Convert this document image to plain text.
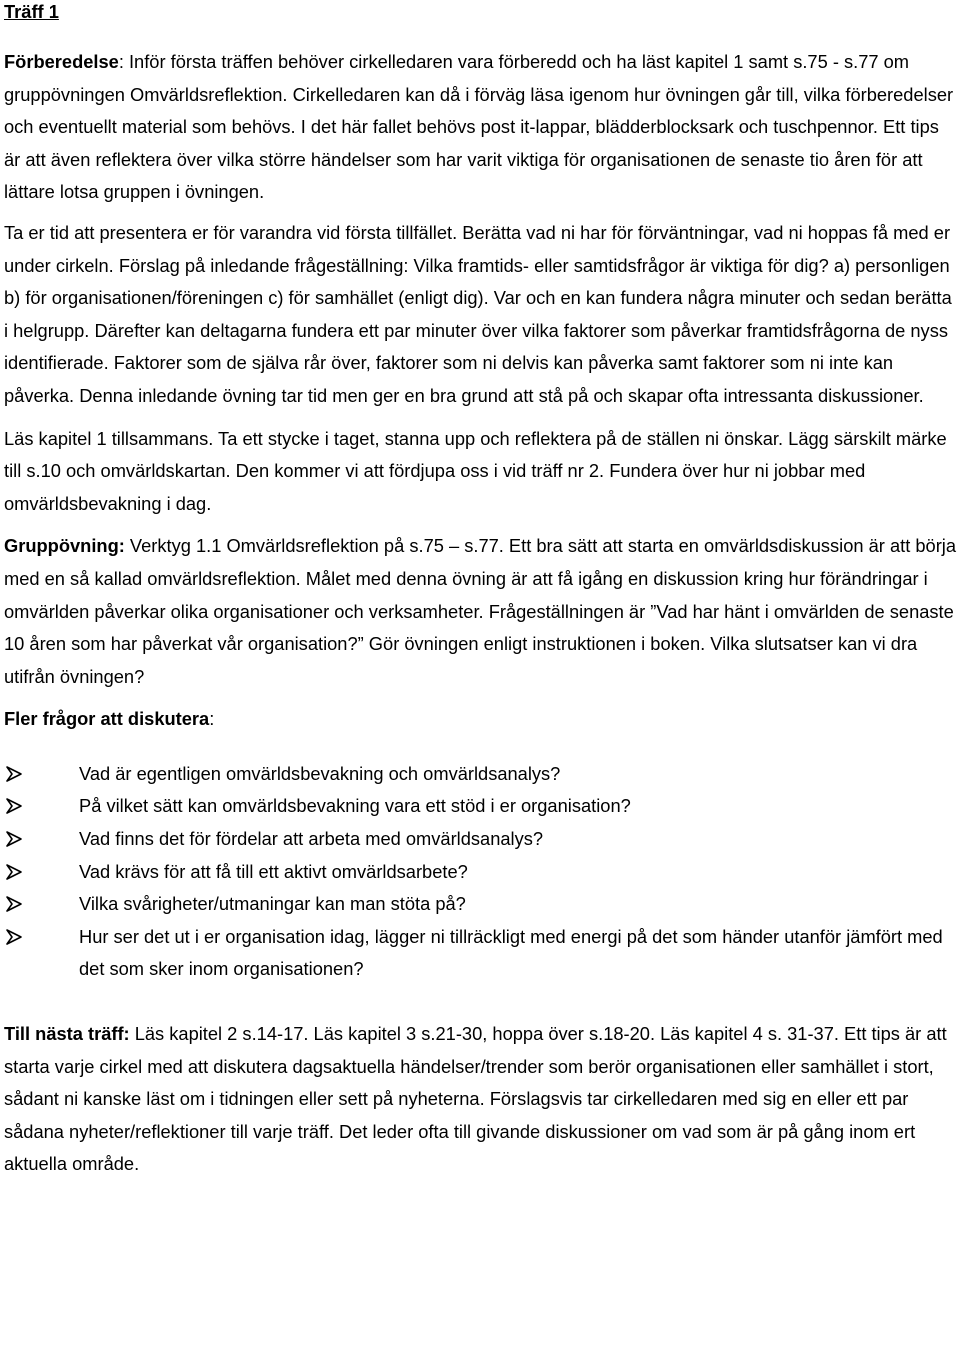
Träff 1

Förberedelse: Inför första träffen behöver cirkelledaren vara förberedd och ha läst kapitel 1 samt s.75 - s.77 om gruppövningen Omvärldsreflektion. Cirkelledaren kan då i förväg läsa igenom hur övningen går till, vilka förberedelser och eventuellt material som behövs. I det här fallet behövs post it-lappar, blädderblocksark och tuschpennor. Ett tips är att även reflektera över vilka större händelser som har varit viktiga för organisationen de senaste tio åren för att lättare lotsa gruppen i övningen.

Ta er tid att presentera er för varandra vid första tillfället. Berätta vad ni har för förväntningar, vad ni hoppas få med er under cirkeln. Förslag på inledande frågeställning: Vilka framtids- eller samtidsfrågor är viktiga för dig? a) personligen b) för organisationen/föreningen c) för samhället (enligt dig). Var och en kan fundera några minuter och sedan berätta i helgrupp. Därefter kan deltagarna fundera ett par minuter över vilka faktorer som påverkar framtidsfrågorna de nyss identifierade. Faktorer som de själva rår över, faktorer som ni delvis kan påverka samt faktorer som ni inte kan påverka. Denna inledande övning tar tid men ger en bra grund att stå på och skapar ofta intressanta diskussioner.

Läs kapitel 1 tillsammans. Ta ett stycke i taget, stanna upp och reflektera på de ställen ni önskar. Lägg särskilt märke till s.10 och omvärldskartan. Den kommer vi att fördjupa oss i vid träff nr 2. Fundera över hur ni jobbar med omvärldsbevakning i dag.

Gruppövning: Verktyg 1.1 Omvärldsreflektion på s.75 – s.77. Ett bra sätt att starta en omvärldsdiskussion är att börja med en så kallad omvärldsreflektion. Målet med denna övning är att få igång en diskussion kring hur förändringar i omvärlden påverkar olika organisationer och verksamheter. Frågeställningen är ”Vad har hänt i omvärlden de senaste 10 åren som har påverkat vår organisation?” Gör övningen enligt instruktionen i boken. Vilka slutsatser kan vi dra utifrån övningen?

Fler frågor att diskutera:

Vad är egentligen omvärldsbevakning och omvärldsanalys?
På vilket sätt kan omvärldsbevakning vara ett stöd i er organisation?
Vad finns det för fördelar att arbeta med omvärldsanalys?
Vad krävs för att få till ett aktivt omvärldsarbete?
Vilka svårigheter/utmaningar kan man stöta på?
Hur ser det ut i er organisation idag, lägger ni tillräckligt med energi på det som händer utanför jämfört med det som sker inom organisationen?

Till nästa träff: Läs kapitel 2 s.14-17. Läs kapitel 3 s.21-30, hoppa över s.18-20. Läs kapitel 4 s. 31-37. Ett tips är att starta varje cirkel med att diskutera dagsaktuella händelser/trender som berör organisationen eller samhället i stort, sådant ni kanske läst om i tidningen eller sett på nyheterna. Förslagsvis tar cirkelledaren med sig en eller ett par sådana nyheter/reflektioner till varje träff. Det leder ofta till givande diskussioner om vad som är på gång inom ert aktuella område.
